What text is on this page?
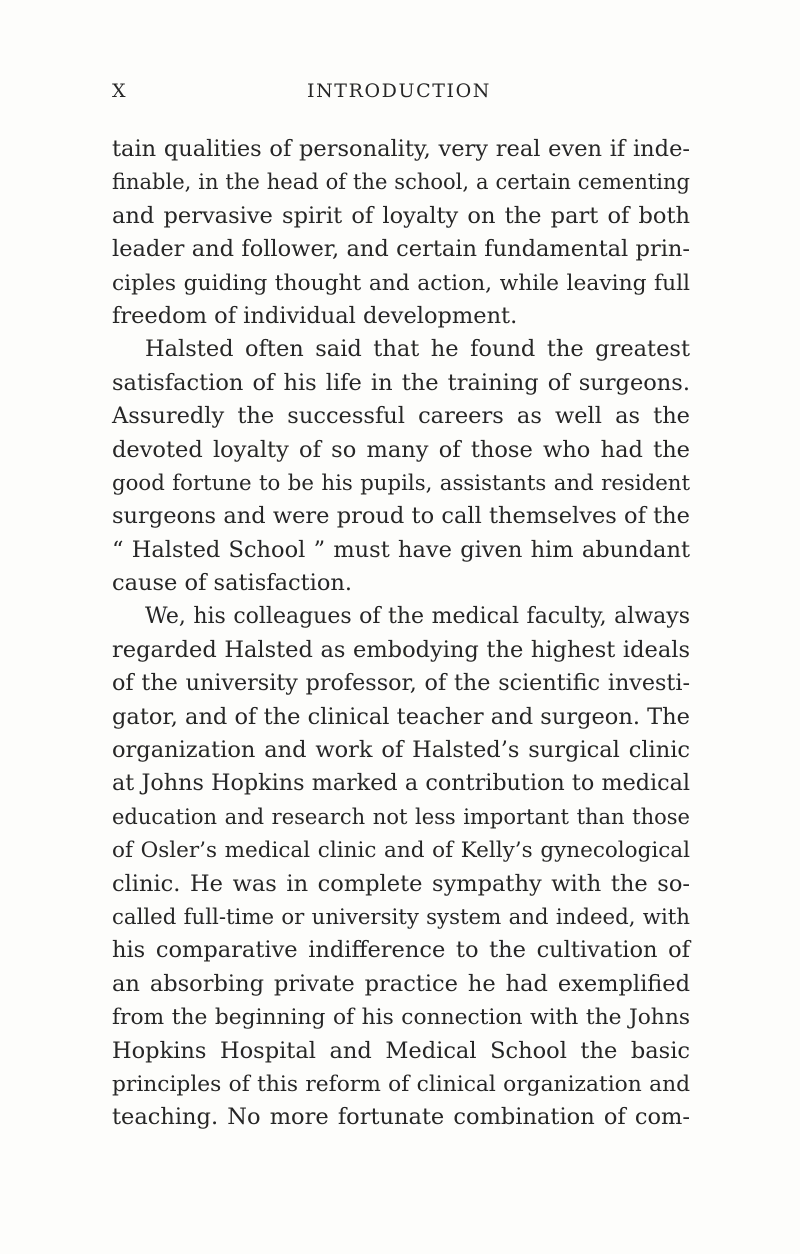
X	INTRODUCTION
tain qualities of personality, very real even if inde-
finable, in the head of the school, a certain cementing
and pervasive spirit of loyalty on the part of both
leader and follower, and certain fundamental prin-
ciples guiding thought and action, while leaving full
freedom of individual development.
Halsted often said that he found the greatest
satisfaction of his life in the training of surgeons.
Assuredly the successful careers as well as the
devoted loyalty of so many of those who had the
good fortune to be his pupils, assistants and resident
surgeons and were proud to call themselves of the
“ Halsted School ” must have given him abundant
cause of satisfaction.
We, his colleagues of the medical faculty, always
regarded Halsted as embodying the highest ideals
of the university professor, of the scientific investi-
gator, and of the clinical teacher and surgeon. The
organization and work of Halsted’s surgical clinic
at Johns Hopkins marked a contribution to medical
education and research not less important than those
of Osler’s medical clinic and of Kelly’s gynecological
clinic. He was in complete sympathy with the so-
called full-time or university system and indeed, with
his comparative indifference to the cultivation of
an absorbing private practice he had exemplified
from the beginning of his connection with the Johns
Hopkins Hospital and Medical School the basic
principles of this reform of clinical organization and
teaching. No more fortunate combination of com-
